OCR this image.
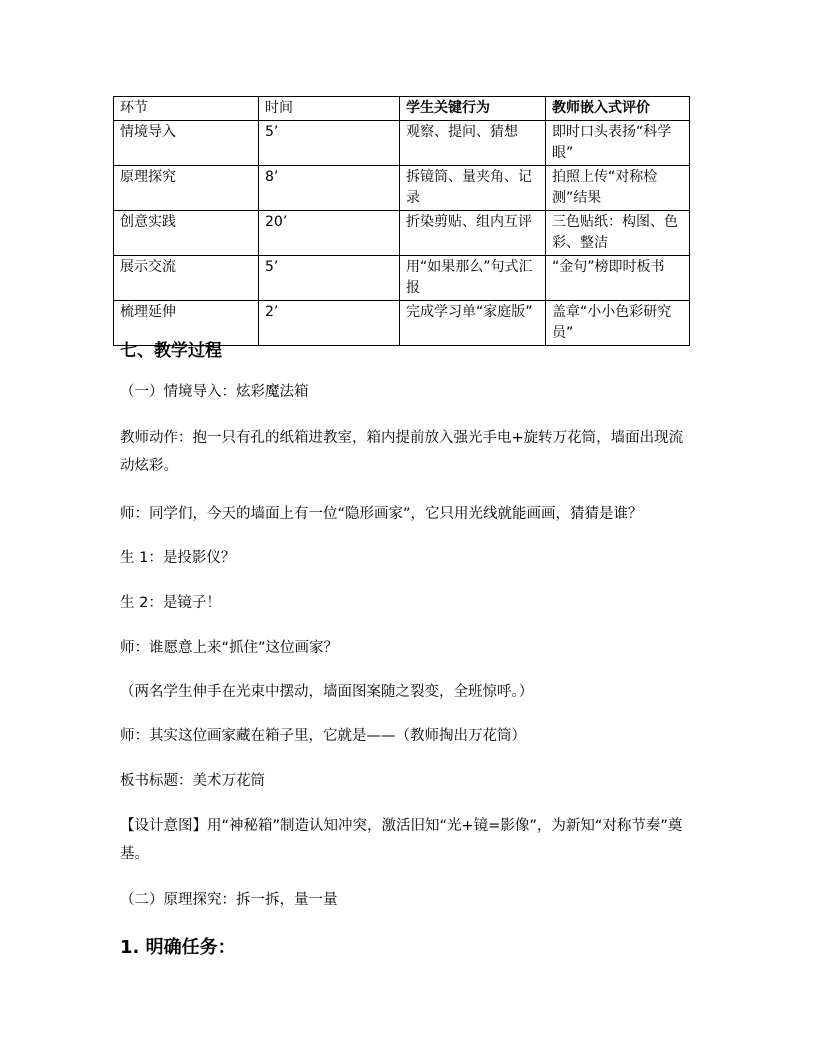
环节	时间	学生关键行为	教师嵌入式评价
情境导入	5’	观察、提问、猜想	即时口头表扬“科学眼”
原理探究	8’	拆镜筒、量夹角、记录	拍照上传“对称检测”结果
创意实践	20’	折染剪贴、组内互评	三色贴纸：构图、色彩、整洁
展示交流	5’	用“如果那么”句式汇报	“金句”榜即时板书
梳理延伸	2’	完成学习单“家庭版”	盖章“小小色彩研究员”
七、教学过程
（一）情境导入：炫彩魔法箱
教师动作：抱一只有孔的纸箱进教室，箱内提前放入强光手电+旋转万花筒，墙面出现流动炫彩。
师：同学们，今天的墙面上有一位“隐形画家”，它只用光线就能画画，猜猜是谁？
生 1：是投影仪？
生 2：是镜子！
师：谁愿意上来“抓住”这位画家？
（两名学生伸手在光束中摆动，墙面图案随之裂变，全班惊呼。）
师：其实这位画家藏在箱子里，它就是——（教师掏出万花筒）
板书标题：美术万花筒
【设计意图】用“神秘箱”制造认知冲突，激活旧知“光+镜=影像”，为新知“对称节奏”奠基。
（二）原理探究：拆一拆，量一量
1. 明确任务：
